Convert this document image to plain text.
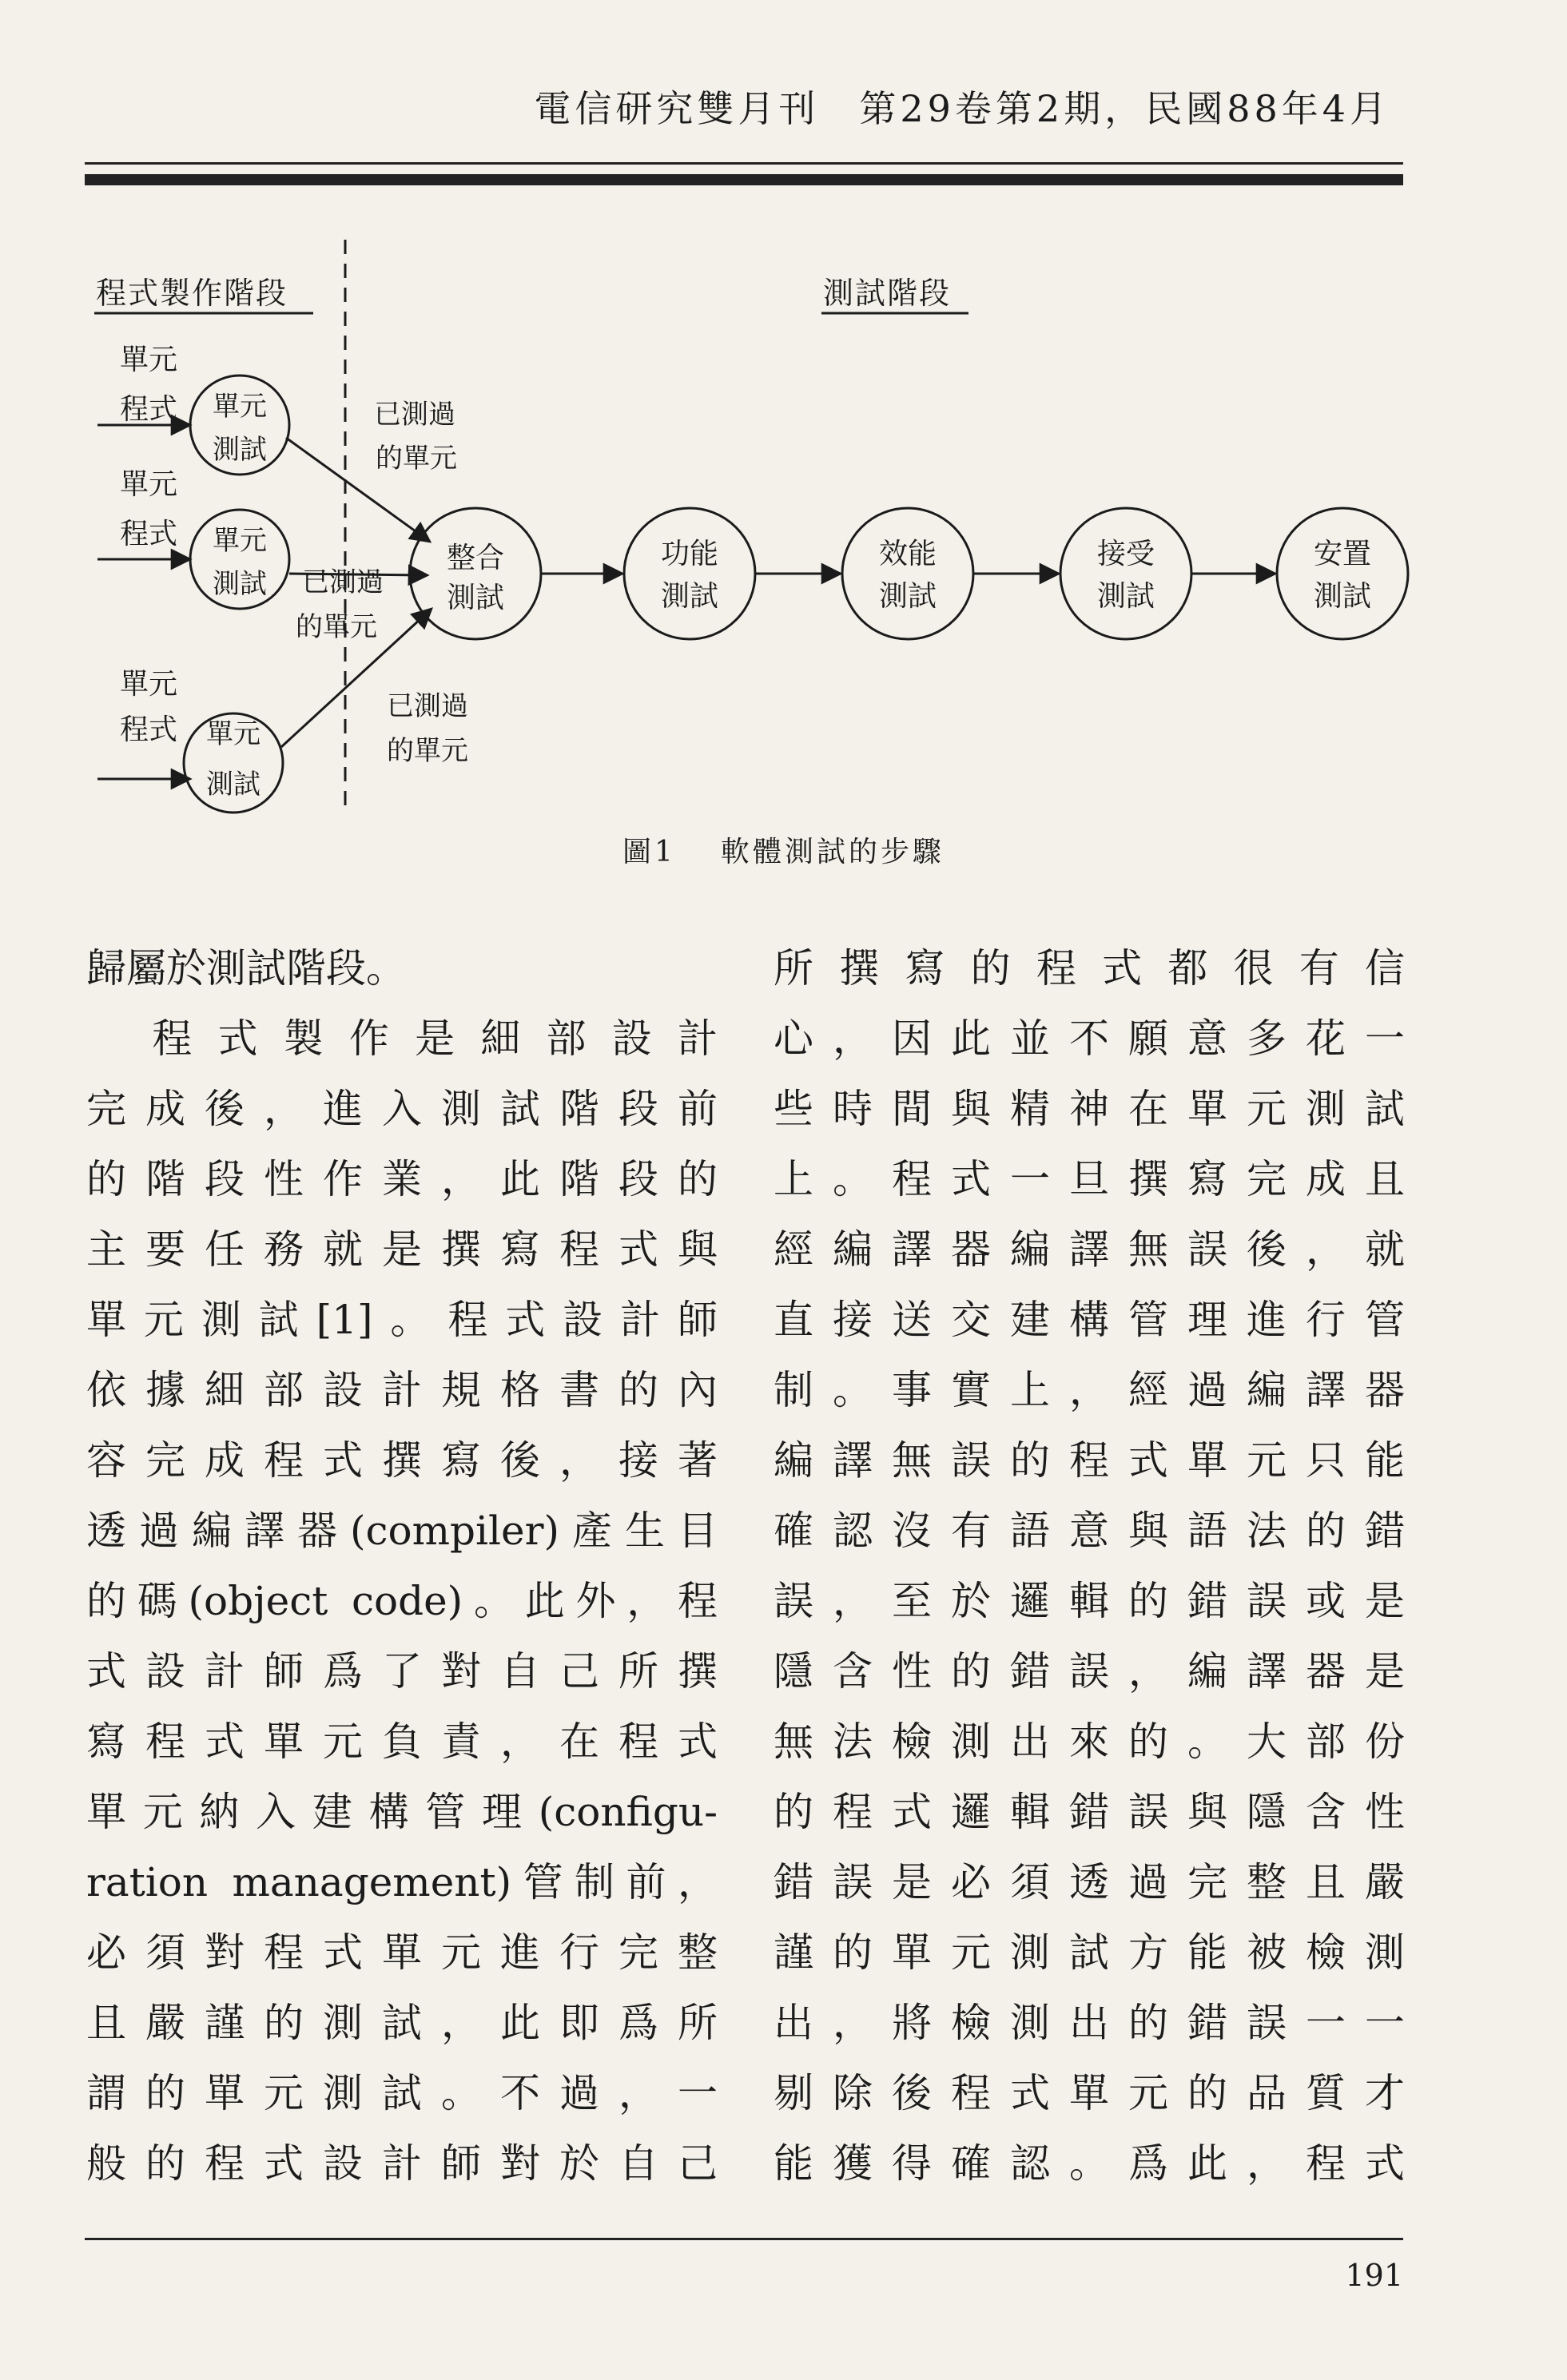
電信研究雙月刊 第29卷第2期，民國88年4月
程式製作階段	測試階段
單元
程式
單元
程式
單元
程式
單元
測試
單元
測試
單元
測試
已測過
的單元
已測過
的單元
已測過
的單元
整合
測試
功能
測試
效能
測試
接受
測試
安置
測試
圖1 軟體測試的步驟
歸屬於測試階段。
　程式製作是細部設計
完成後，進入測試階段前
的階段性作業，此階段的
主要任務就是撰寫程式與
單元測試[1]。程式設計師
依據細部設計規格書的內
容完成程式撰寫後，接著
透過編譯器(compiler)產生目
的碼(object code)。此外，程
式設計師爲了對自己所撰
寫程式單元負責，在程式
單元納入建構管理(configu-
ration management)管制前，
必須對程式單元進行完整
且嚴謹的測試，此即爲所
謂的單元測試。不過，一
般的程式設計師對於自己
所撰寫的程式都很有信
心，因此並不願意多花一
些時間與精神在單元測試
上。程式一旦撰寫完成且
經編譯器編譯無誤後，就
直接送交建構管理進行管
制。事實上，經過編譯器
編譯無誤的程式單元只能
確認沒有語意與語法的錯
誤，至於邏輯的錯誤或是
隱含性的錯誤，編譯器是
無法檢測出來的。大部份
的程式邏輯錯誤與隱含性
錯誤是必須透過完整且嚴
謹的單元測試方能被檢測
出，將檢測出的錯誤一一
剔除後程式單元的品質才
能獲得確認。爲此，程式
191
